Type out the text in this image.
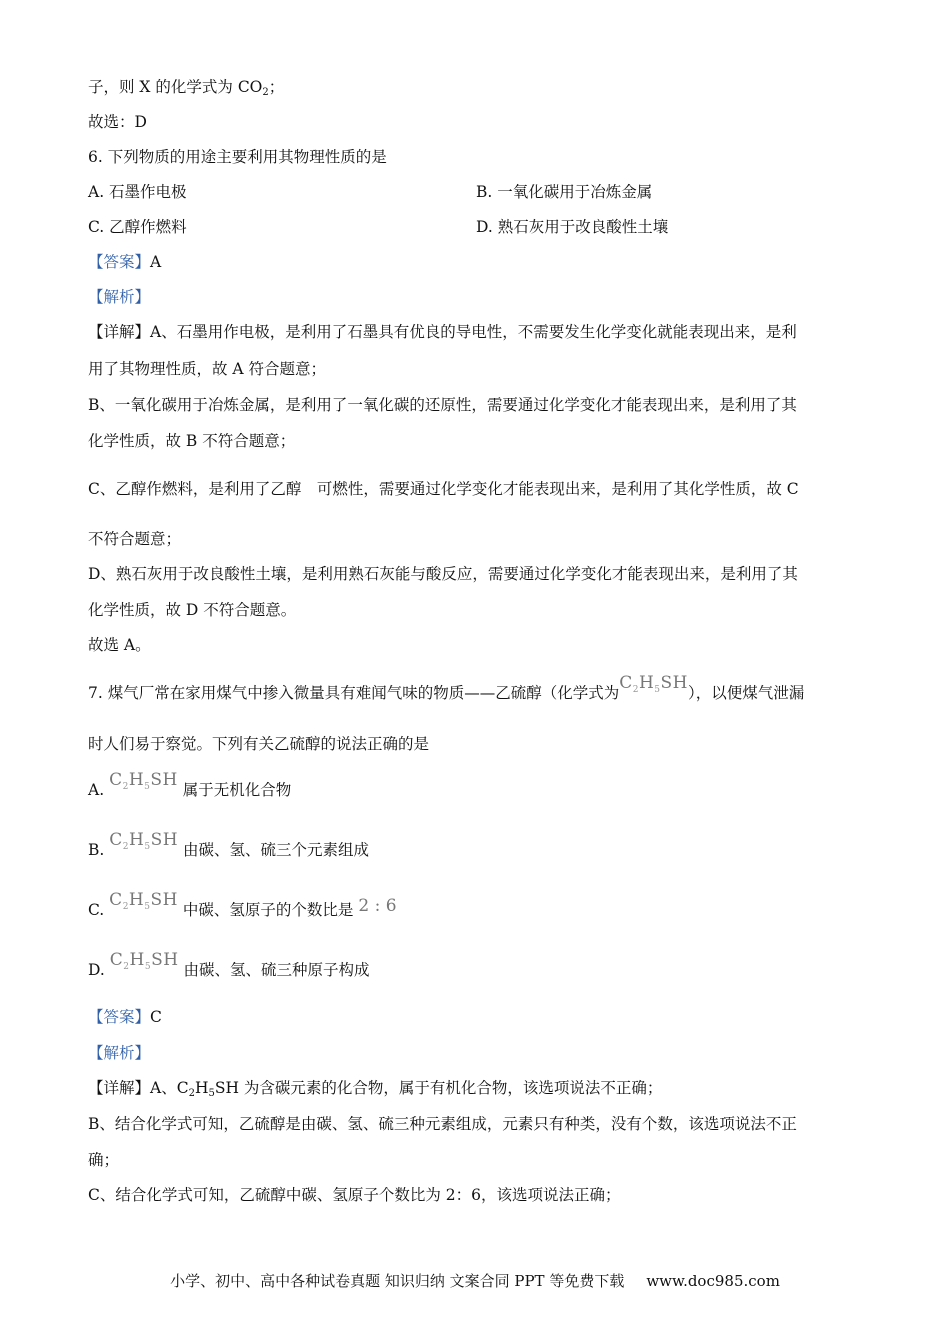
子，则 X 的化学式为 $CO_2$；
故选：D
6. 下列物质的用途主要利用其物理性质的是
A. 石墨作电极	B. 一氧化碳用于冶炼金属
C. 乙醇作燃料	D. 熟石灰用于改良酸性土壤
【答案】A
【解析】
【详解】A、石墨用作电极，是利用了石墨具有优良的导电性，不需要发生化学变化就能表现出来，是利
用了其物理性质，故 A 符合题意；
B、一氧化碳用于冶炼金属，是利用了一氧化碳的还原性，需要通过化学变化才能表现出来，是利用了其
化学性质，故 B 不符合题意；
C、乙醇作燃料，是利用了乙醇　可燃性，需要通过化学变化才能表现出来，是利用了其化学性质，故 C
不符合题意；
D、熟石灰用于改良酸性土壤，是利用熟石灰能与酸反应，需要通过化学变化才能表现出来，是利用了其
化学性质，故 D 不符合题意。
故选 A。
7. 煤气厂常在家用煤气中掺入微量具有难闻气味的物质——乙硫醇（化学式为$C_2H_5SH$），以便煤气泄漏
时人们易于察觉。下列有关乙硫醇的说法正确的是
A. $C_2H_5SH$ 属于无机化合物
B. $C_2H_5SH$ 由碳、氢、硫三个元素组成
C. $C_2H_5SH$ 中碳、氢原子的个数比是 2 : 6
D. $C_2H_5SH$ 由碳、氢、硫三种原子构成
【答案】C
【解析】
【详解】A、$C_2H_5SH$ 为含碳元素的化合物，属于有机化合物，该选项说法不正确；
B、结合化学式可知，乙硫醇是由碳、氢、硫三种元素组成，元素只有种类，没有个数，该选项说法不正
确；
C、结合化学式可知，乙硫醇中碳、氢原子个数比为 2：6，该选项说法正确；
小学、初中、高中各种试卷真题 知识归纳 文案合同 PPT 等免费下载 www.doc985.com
